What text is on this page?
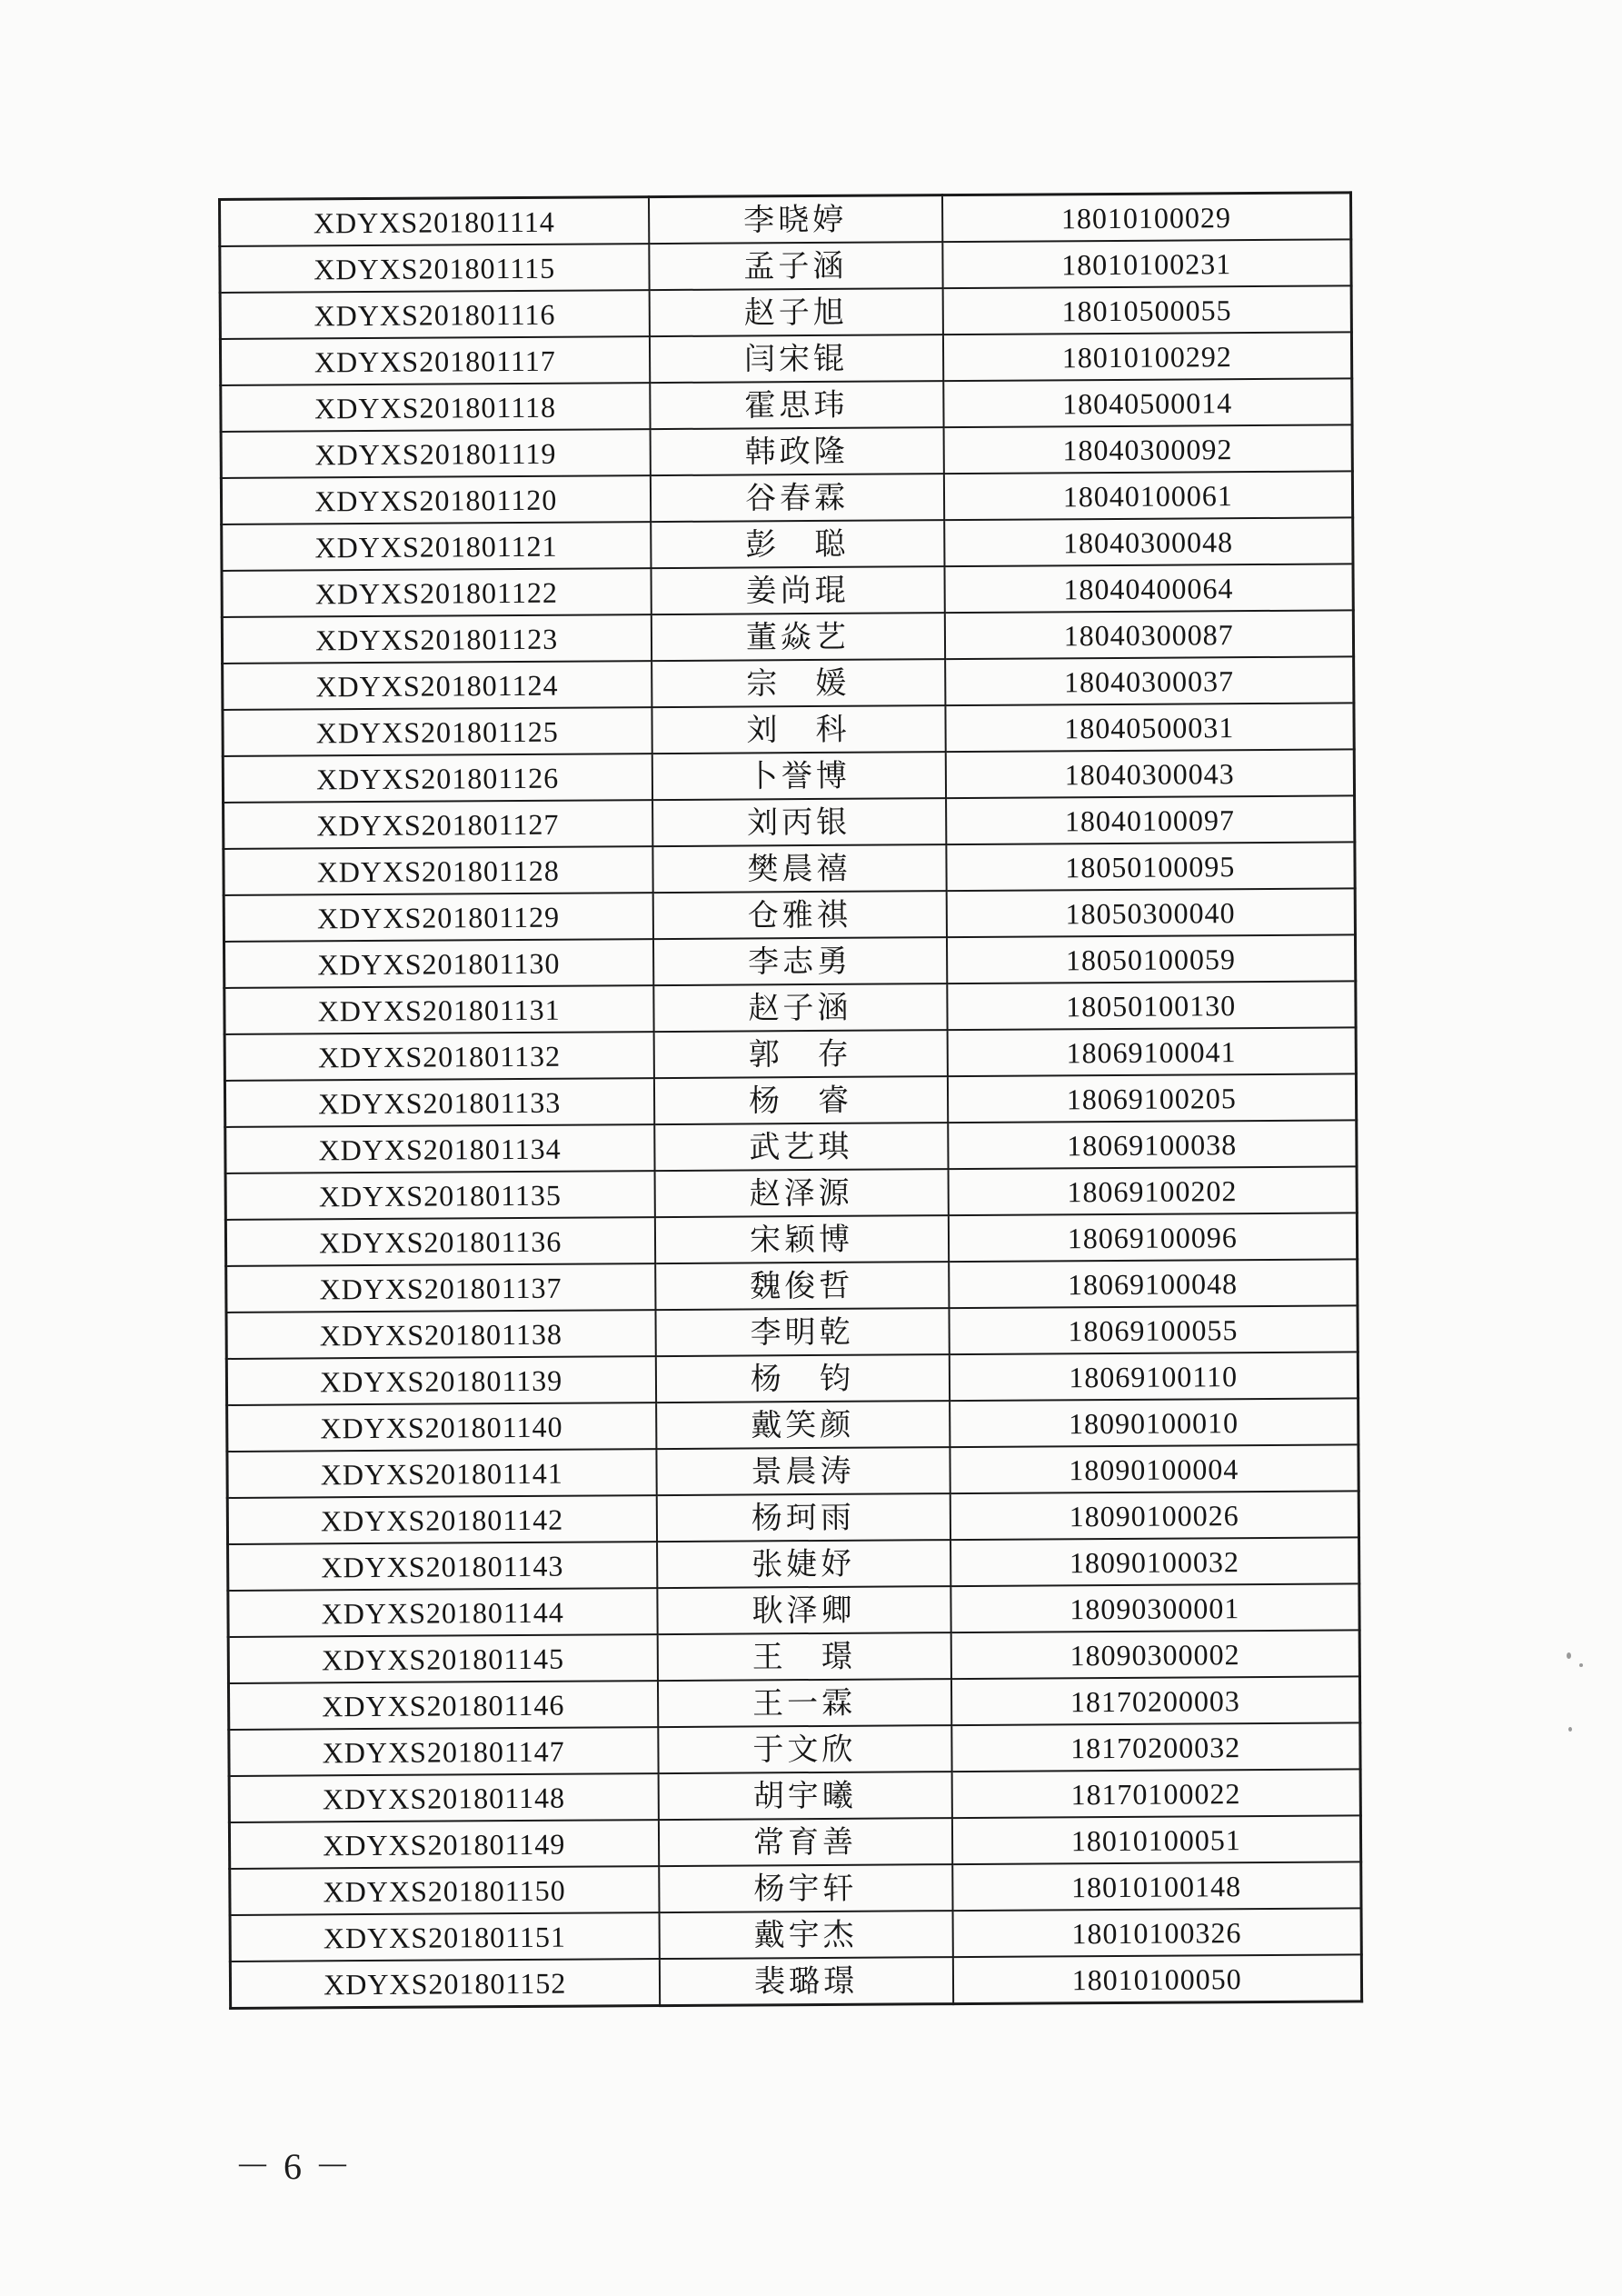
XDYXS201801114	李晓婷	18010100029
XDYXS201801115	孟子涵	18010100231
XDYXS201801116	赵子旭	18010500055
XDYXS201801117	闫宋锟	18010100292
XDYXS201801118	霍思玮	18040500014
XDYXS201801119	韩政隆	18040300092
XDYXS201801120	谷春霖	18040100061
XDYXS201801121	彭　聪	18040300048
XDYXS201801122	姜尚琨	18040400064
XDYXS201801123	董焱艺	18040300087
XDYXS201801124	宗　媛	18040300037
XDYXS201801125	刘　科	18040500031
XDYXS201801126	卜誉博	18040300043
XDYXS201801127	刘丙银	18040100097
XDYXS201801128	樊晨禧	18050100095
XDYXS201801129	仓雅祺	18050300040
XDYXS201801130	李志勇	18050100059
XDYXS201801131	赵子涵	18050100130
XDYXS201801132	郭　存	18069100041
XDYXS201801133	杨　睿	18069100205
XDYXS201801134	武艺琪	18069100038
XDYXS201801135	赵泽源	18069100202
XDYXS201801136	宋颖博	18069100096
XDYXS201801137	魏俊哲	18069100048
XDYXS201801138	李明乾	18069100055
XDYXS201801139	杨　钧	18069100110
XDYXS201801140	戴笑颜	18090100010
XDYXS201801141	景晨涛	18090100004
XDYXS201801142	杨珂雨	18090100026
XDYXS201801143	张婕妤	18090100032
XDYXS201801144	耿泽卿	18090300001
XDYXS201801145	王　璟	18090300002
XDYXS201801146	王一霖	18170200003
XDYXS201801147	于文欣	18170200032
XDYXS201801148	胡宇曦	18170100022
XDYXS201801149	常育善	18010100051
XDYXS201801150	杨宇轩	18010100148
XDYXS201801151	戴宇杰	18010100326
XDYXS201801152	裴璐璟	18010100050
－6－
